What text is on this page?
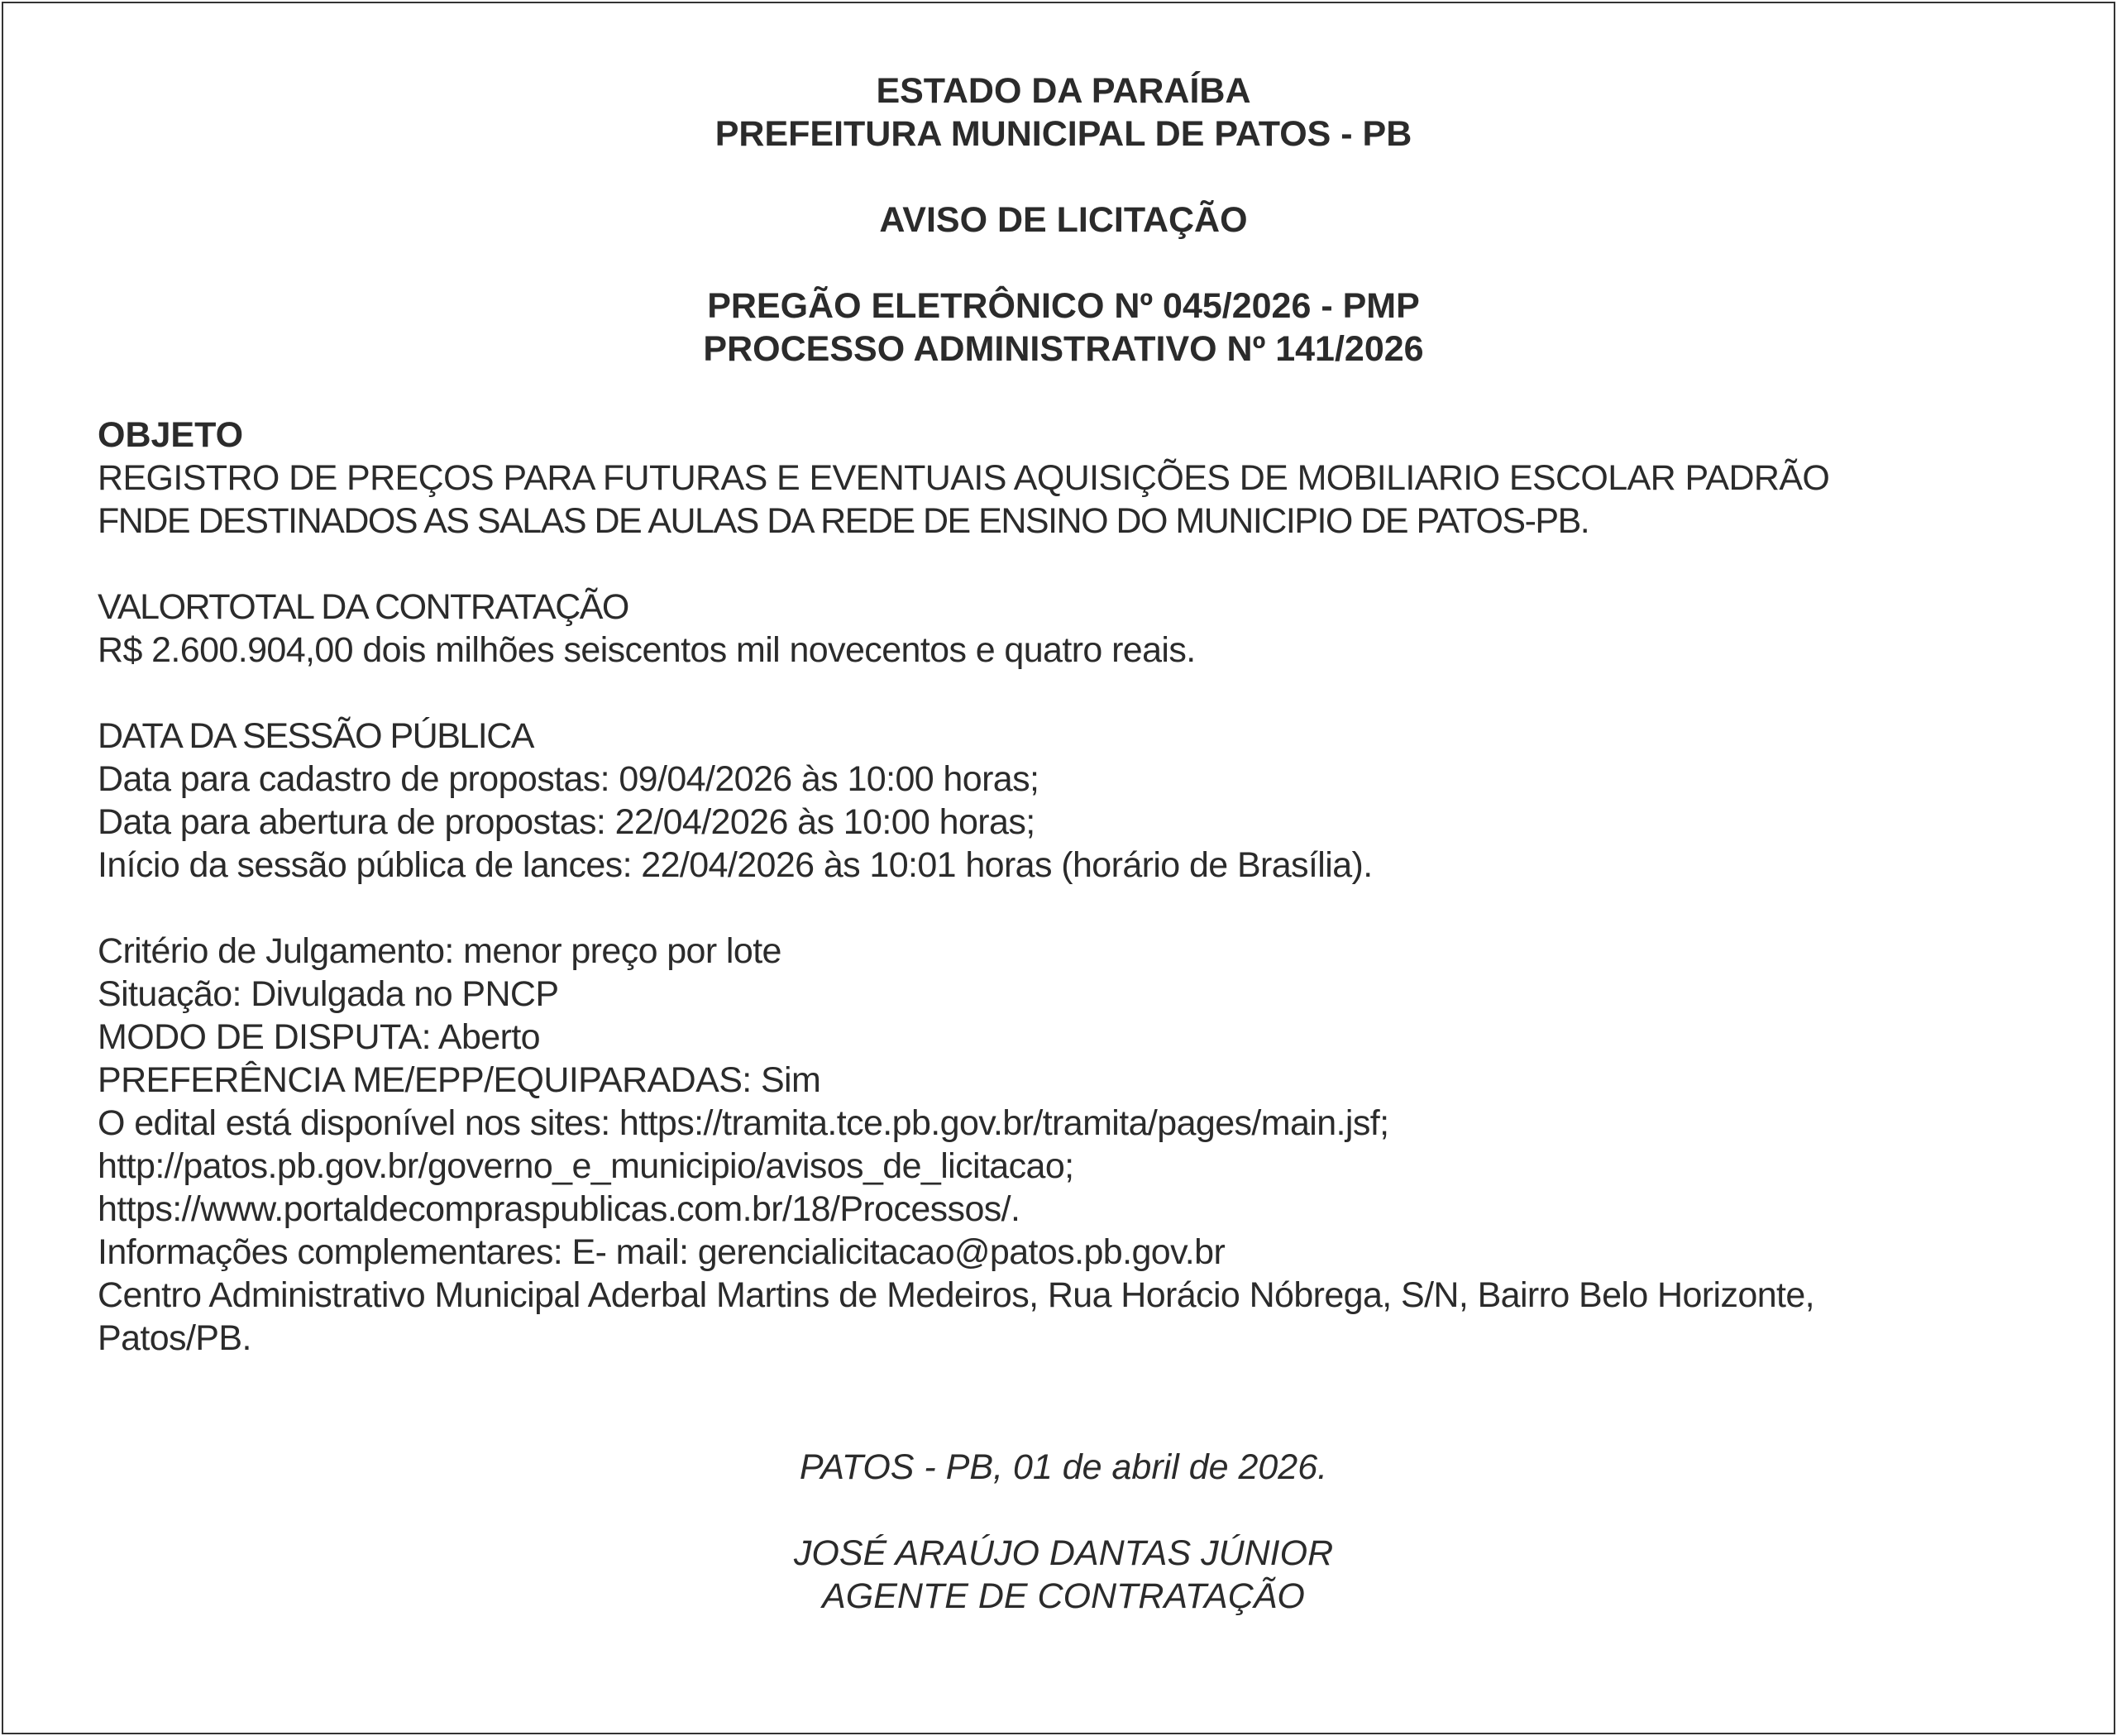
ESTADO DA PARAÍBA
PREFEITURA MUNICIPAL DE PATOS - PB
AVISO DE LICITAÇÃO
PREGÃO ELETRÔNICO Nº 045/2026 - PMP
PROCESSO ADMINISTRATIVO Nº 141/2026
OBJETO
REGISTRO DE PREÇOS PARA FUTURAS E EVENTUAIS AQUISIÇÕES DE MOBILIARIO ESCOLAR PADRÃO
FNDE DESTINADOS AS SALAS DE AULAS DA REDE DE ENSINO DO MUNICIPIO DE PATOS-PB.
VALORTOTAL DA CONTRATAÇÃO
R$ 2.600.904,00 dois milhões seiscentos mil novecentos e quatro reais.
DATA DA SESSÃO PÚBLICA
Data para cadastro de propostas: 09/04/2026 às 10:00 horas;
Data para abertura de propostas: 22/04/2026 às 10:00 horas;
Início da sessão pública de lances: 22/04/2026 às 10:01 horas (horário de Brasília).
Critério de Julgamento: menor preço por lote
Situação: Divulgada no PNCP
MODO DE DISPUTA: Aberto
PREFERÊNCIA ME/EPP/EQUIPARADAS: Sim
O edital está disponível nos sites: https://tramita.tce.pb.gov.br/tramita/pages/main.jsf;
http://patos.pb.gov.br/governo_e_municipio/avisos_de_licitacao;
https://www.portaldecompraspublicas.com.br/18/Processos/.
Informações complementares: E- mail: gerencialicitacao@patos.pb.gov.br
Centro Administrativo Municipal Aderbal Martins de Medeiros, Rua Horácio Nóbrega, S/N, Bairro Belo Horizonte,
Patos/PB.
PATOS - PB, 01 de abril de 2026.
JOSÉ ARAÚJO DANTAS JÚNIOR
AGENTE DE CONTRATAÇÃO
